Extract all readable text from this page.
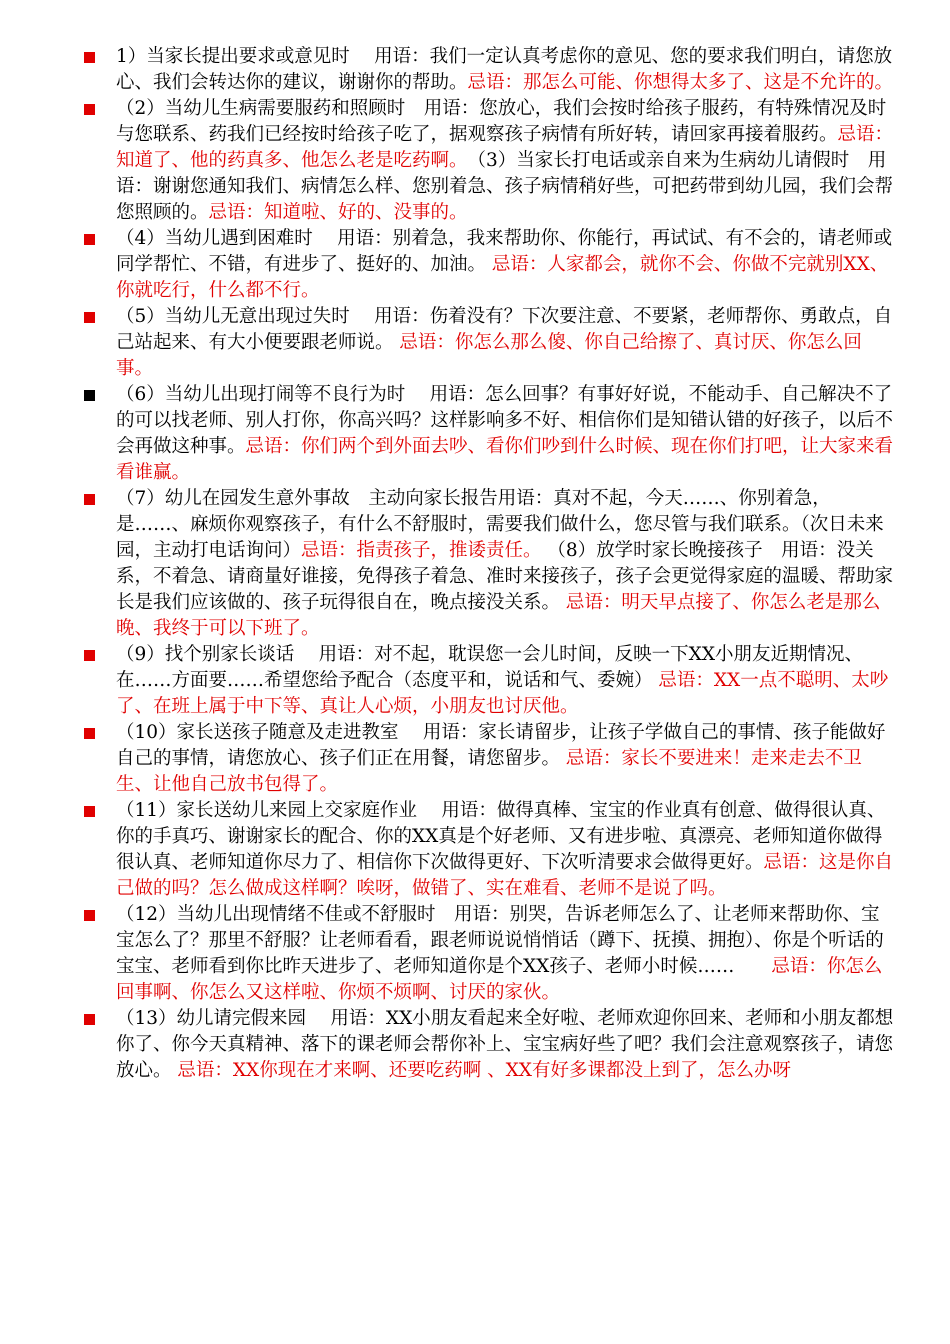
1）当家长提出要求或意见时　 用语：我们一定认真考虑你的意见、您的要求我们明白，请您放心、我们会转达你的建议，谢谢你的帮助。忌语：那怎么可能、你想得太多了、这是不允许的。
（2）当幼儿生病需要服药和照顾时　用语：您放心，我们会按时给孩子服药，有特殊情况及时与您联系、药我们已经按时给孩子吃了，据观察孩子病情有所好转，请回家再接着服药。忌语：知道了、他的药真多、他怎么老是吃药啊。　（3）当家长打电话或亲自来为生病幼儿请假时　用语：谢谢您通知我们、病情怎么样、您别着急、孩子病情稍好些，可把药带到幼儿园，我们会帮您照顾的。忌语：知道啦、好的、没事的。
（4）当幼儿遇到困难时　 用语：别着急，我来帮助你、你能行，再试试、有不会的，请老师或同学帮忙、不错，有进步了、挺好的、加油。 忌语：人家都会，就你不会、你做不完就别XX、你就吃行，什么都不行。
（5）当幼儿无意出现过失时　 用语：伤着没有？下次要注意、不要紧，老师帮你、勇敢点，自己站起来、有大小便要跟老师说。 忌语：你怎么那么傻、你自己给擦了、真讨厌、你怎么回事。
（6）当幼儿出现打闹等不良行为时　 用语：怎么回事？有事好好说，不能动手、自己解决不了的可以找老师、别人打你，你高兴吗？这样影响多不好、相信你们是知错认错的好孩子，以后不会再做这种事。忌语：你们两个到外面去吵、看你们吵到什么时候、现在你们打吧，让大家来看看谁赢。
（7）幼儿在园发生意外事故　主动向家长报告用语：真对不起，今天……、你别着急，是……、麻烦你观察孩子，有什么不舒服时，需要我们做什么，您尽管与我们联系。（次日未来园，主动打电话询问）忌语：指责孩子，推诿责任。 （8）放学时家长晚接孩子　用语：没关系，不着急、请商量好谁接，免得孩子着急、准时来接孩子，孩子会更觉得家庭的温暖、帮助家长是我们应该做的、孩子玩得很自在，晚点接没关系。 忌语：明天早点接了、你怎么老是那么晚、我终于可以下班了。
（9）找个别家长谈话　 用语：对不起，耽误您一会儿时间，反映一下XX小朋友近期情况、在……方面要……希望您给予配合（态度平和，说话和气、委婉） 忌语：XX一点不聪明、太吵了、在班上属于中下等、真让人心烦，小朋友也讨厌他。
（10）家长送孩子随意及走进教室　 用语：家长请留步，让孩子学做自己的事情、孩子能做好自己的事情，请您放心、孩子们正在用餐，请您留步。 忌语：家长不要进来！走来走去不卫生、让他自己放书包得了。
（11）家长送幼儿来园上交家庭作业　 用语：做得真棒、宝宝的作业真有创意、做得很认真、你的手真巧、谢谢家长的配合、你的XX真是个好老师、又有进步啦、真漂亮、老师知道你做得很认真、老师知道你尽力了、相信你下次做得更好、下次听清要求会做得更好。忌语：这是你自己做的吗？怎么做成这样啊？唉呀，做错了、实在难看、老师不是说了吗。
（12）当幼儿出现情绪不佳或不舒服时　用语：别哭，告诉老师怎么了、让老师来帮助你、宝宝怎么了？那里不舒服？让老师看看，跟老师说说悄悄话（蹲下、抚摸、拥抱）、你是个听话的宝宝、老师看到你比昨天进步了、老师知道你是个XX孩子、老师小时候……　　忌语：你怎么回事啊、你怎么又这样啦、你烦不烦啊、讨厌的家伙。
（13）幼儿请完假来园　 用语：XX小朋友看起来全好啦、老师欢迎你回来、老师和小朋友都想你了、你今天真精神、落下的课老师会帮你补上、宝宝病好些了吧？我们会注意观察孩子，请您放心。 忌语：XX你现在才来啊、还要吃药啊 、XX有好多课都没上到了，怎么办呀
